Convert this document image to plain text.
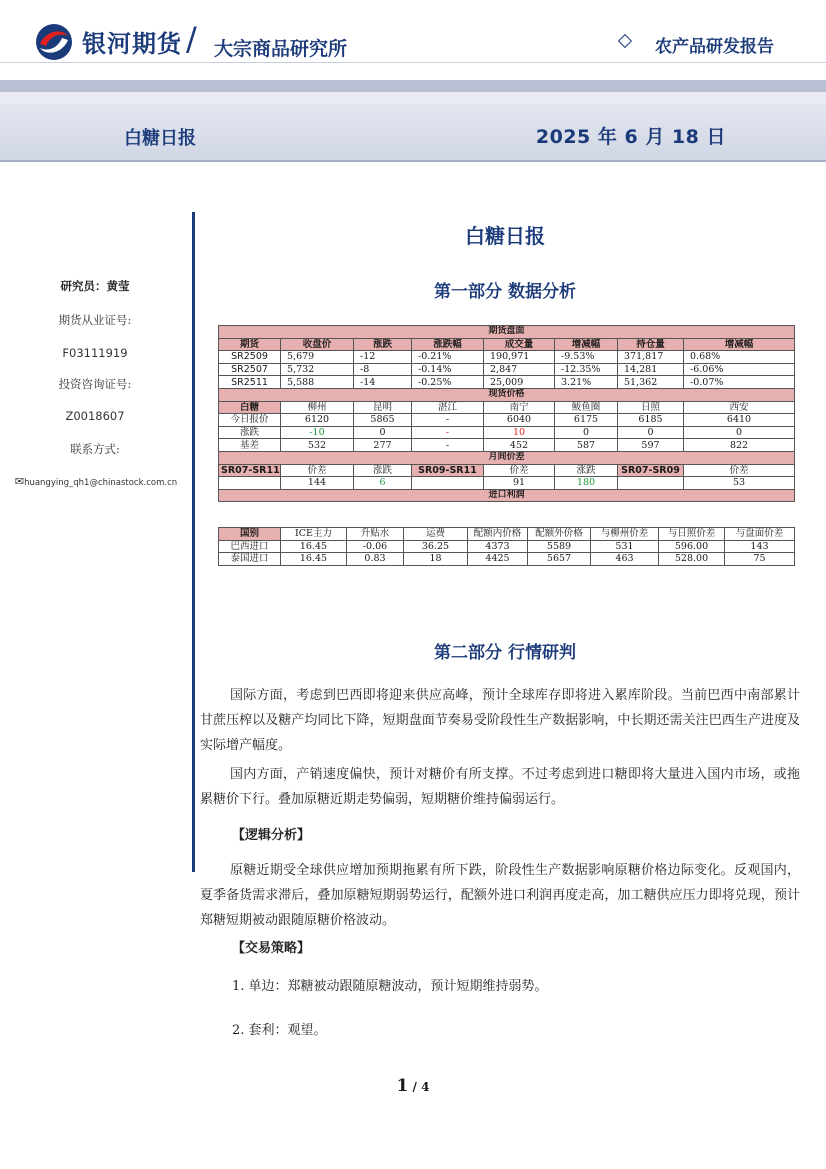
银河期货 / 大宗商品研究所	农产品研发报告
白糖日报	2025 年 6 月 18 日
研究员：黄莹
期货从业证号:
F03111919
投资咨询证号:
Z0018607
联系方式:
✉huangying_qh1@chinastock.com.cn
白糖日报
第一部分 数据分析
期货盘面							
期货	收盘价	涨跌	涨跌幅	成交量	增减幅	持仓量	增减幅
SR2509	5,679	-12	-0.21%	190,971	-9.53%	371,817	0.68%
SR2507	5,732	-8	-0.14%	2,847	-12.35%	14,281	-6.06%
SR2511	5,588	-14	-0.25%	25,009	3.21%	51,362	-0.07%
现货价格							
白糖	柳州	昆明	湛江	南宁	鲅鱼圈	日照	西安
今日报价	6120	5865	-	6040	6175	6185	6410
涨跌	-10	0	-	10	0	0	0
基差	532	277	-	452	587	597	822
月间价差							
SR07-SR11	价差	涨跌	SR09-SR11	价差	涨跌	SR07-SR09	价差
	144	6		91	180		53
进口利润							
国别	ICE主力	升贴水	运费	配额内价格	配额外价格	与柳州价差	与日照价差	与盘面价差
巴西进口	16.45	-0.06	36.25	4373	5589	531	596.00	143
泰国进口	16.45	0.83	18	4425	5657	463	528.00	75
第二部分 行情研判
国际方面，考虑到巴西即将迎来供应高峰，预计全球库存即将进入累库阶段。当前巴西中南部累计甘蔗压榨以及糖产均同比下降，短期盘面节奏易受阶段性生产数据影响，中长期还需关注巴西生产进度及实际增产幅度。
国内方面，产销速度偏快，预计对糖价有所支撑。不过考虑到进口糖即将大量进入国内市场，或拖累糖价下行。叠加原糖近期走势偏弱，短期糖价维持偏弱运行。
【逻辑分析】
原糖近期受全球供应增加预期拖累有所下跌，阶段性生产数据影响原糖价格边际变化。反观国内，夏季备货需求滞后，叠加原糖短期弱势运行，配额外进口利润再度走高，加工糖供应压力即将兑现，预计郑糖短期被动跟随原糖价格波动。
【交易策略】
1. 单边：郑糖被动跟随原糖波动，预计短期维持弱势。
2. 套利：观望。
1 / 4
